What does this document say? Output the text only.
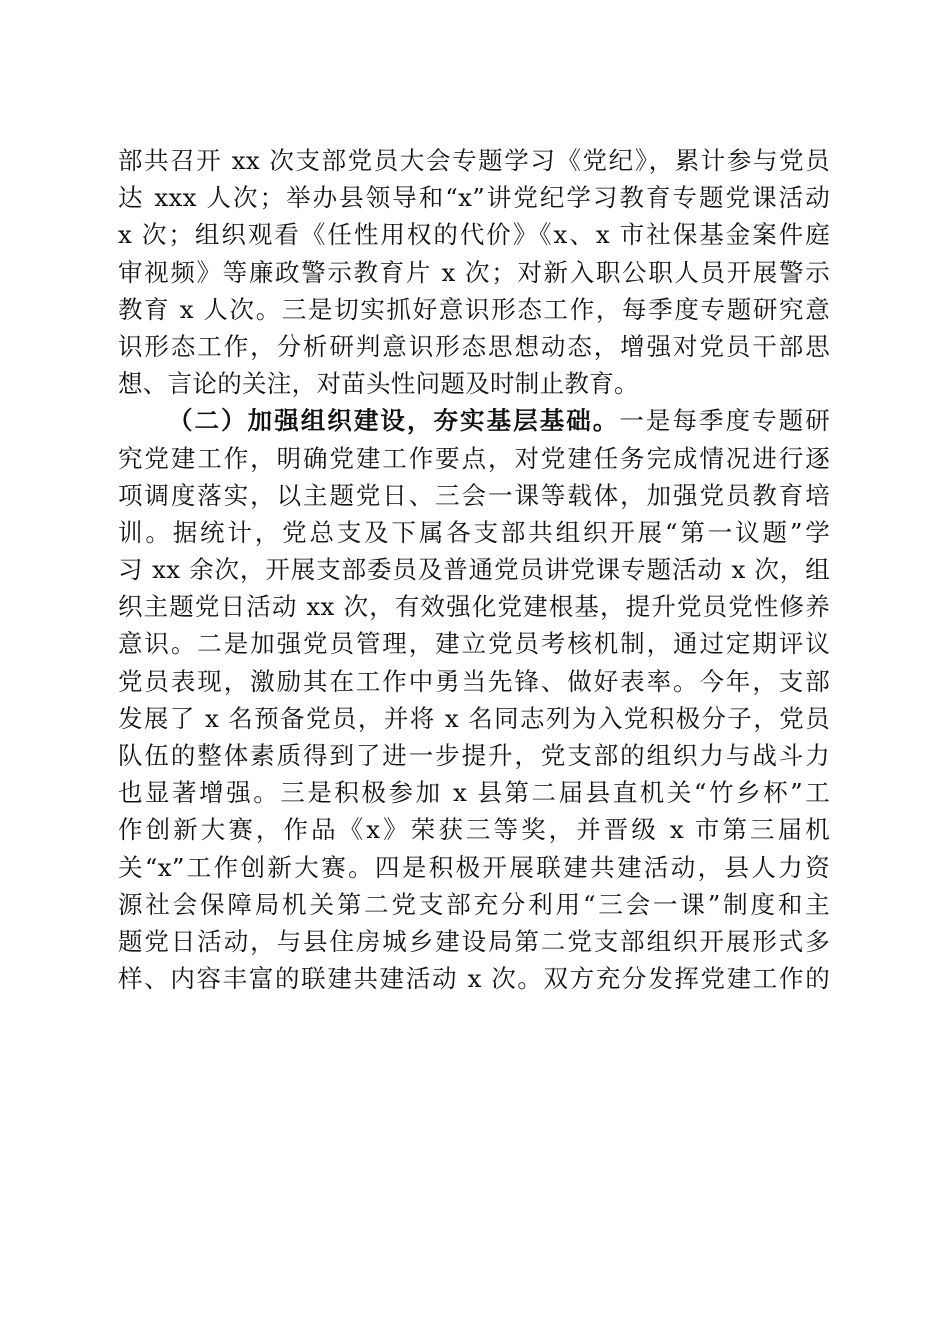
部共召开 xx 次支部党员大会专题学习《党纪》，累计参与党员
达 xxx 人次；举办县领导和“x”讲党纪学习教育专题党课活动
x 次；组织观看《任性用权的代价》《x、x 市社保基金案件庭
审视频》等廉政警示教育片 x 次；对新入职公职人员开展警示
教育 x 人次。三是切实抓好意识形态工作，每季度专题研究意
识形态工作，分析研判意识形态思想动态，增强对党员干部思
想、言论的关注，对苗头性问题及时制止教育。
（二）加强组织建设，夯实基层基础。一是每季度专题研
究党建工作，明确党建工作要点，对党建任务完成情况进行逐
项调度落实，以主题党日、三会一课等载体，加强党员教育培
训。据统计，党总支及下属各支部共组织开展“第一议题”学
习 xx 余次，开展支部委员及普通党员讲党课专题活动 x 次，组
织主题党日活动 xx 次，有效强化党建根基，提升党员党性修养
意识。二是加强党员管理，建立党员考核机制，通过定期评议
党员表现，激励其在工作中勇当先锋、做好表率。今年，支部
发展了 x 名预备党员，并将 x 名同志列为入党积极分子，党员
队伍的整体素质得到了进一步提升，党支部的组织力与战斗力
也显著增强。三是积极参加 x 县第二届县直机关“竹乡杯”工
作创新大赛，作品《x》荣获三等奖，并晋级 x 市第三届机
关“x”工作创新大赛。四是积极开展联建共建活动，县人力资
源社会保障局机关第二党支部充分利用“三会一课”制度和主
题党日活动，与县住房城乡建设局第二党支部组织开展形式多
样、内容丰富的联建共建活动 x 次。双方充分发挥党建工作的
